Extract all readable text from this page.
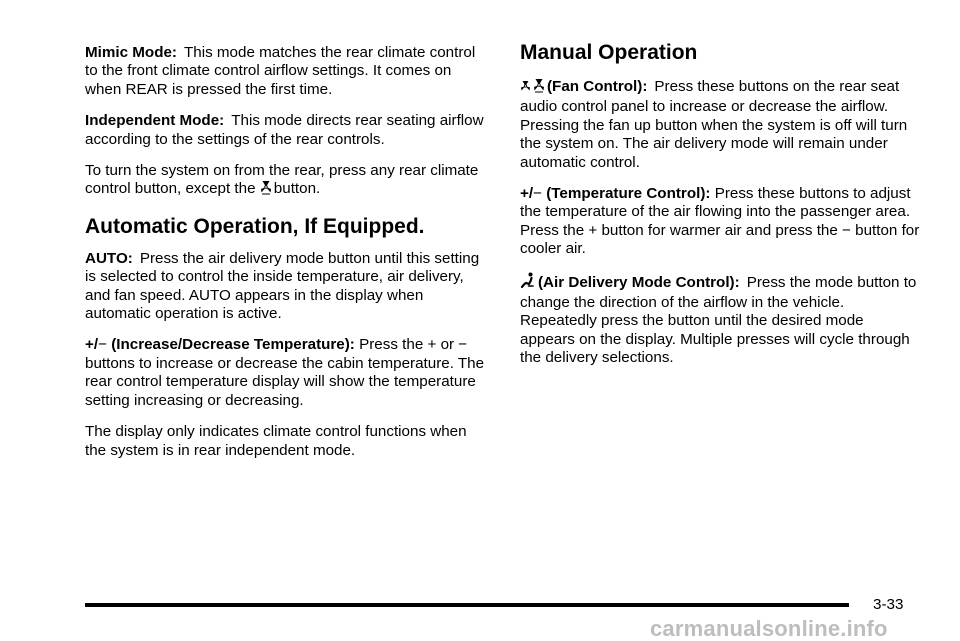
Mimic Mode: This mode matches the rear climate control to the front climate control airflow settings. It comes on when REAR is pressed the first time.

Independent Mode: This mode directs rear seating airflow according to the settings of the rear controls.

To turn the system on from the rear, press any rear climate control button, except the button.

Automatic Operation, If Equipped.

AUTO: Press the air delivery mode button until this setting is selected to control the inside temperature, air delivery, and fan speed. AUTO appears in the display when automatic operation is active.

+/− (Increase/Decrease Temperature): Press the + or − buttons to increase or decrease the cabin temperature. The rear control temperature display will show the temperature setting increasing or decreasing.

The display only indicates climate control functions when the system is in rear independent mode.

Manual Operation

(Fan Control): Press these buttons on the rear seat audio control panel to increase or decrease the airflow. Pressing the fan up button when the system is off will turn the system on. The air delivery mode will remain under automatic control.

+/− (Temperature Control): Press these buttons to adjust the temperature of the air flowing into the passenger area. Press the + button for warmer air and press the − button for cooler air.

(Air Delivery Mode Control): Press the mode button to change the direction of the airflow in the vehicle. Repeatedly press the button until the desired mode appears on the display. Multiple presses will cycle through the delivery selections.

3-33
carmanualsonline.info
